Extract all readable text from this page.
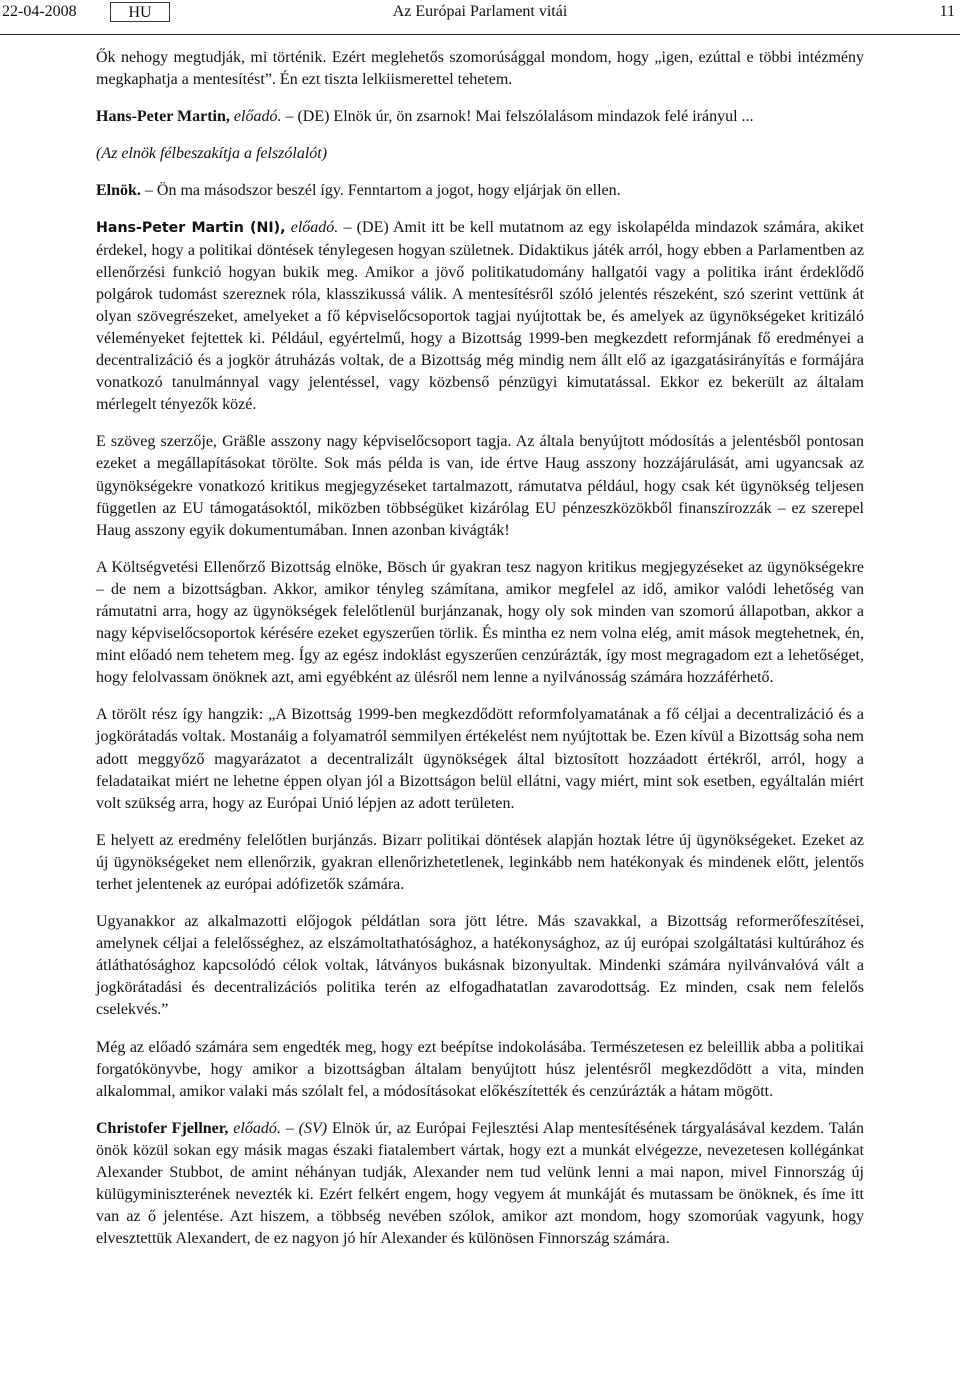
22-04-2008	HU	Az Európai Parlament vitái	11

Ők nehogy megtudják, mi történik. Ezért meglehetős szomorúsággal mondom, hogy „igen, ezúttal e többi intézmény megkaphatja a mentesítést”. Én ezt tiszta lelkiismerettel tehetem.

Hans-Peter Martin, előadó. – (DE) Elnök úr, ön zsarnok! Mai felszólalásom mindazok felé irányul ...

(Az elnök félbeszakítja a felszólalót)

Elnök. – Ön ma másodszor beszél így. Fenntartom a jogot, hogy eljárjak ön ellen.

Hans-Peter Martin (NI), előadó. – (DE) Amit itt be kell mutatnom az egy iskolapélda mindazok számára, akiket érdekel, hogy a politikai döntések ténylegesen hogyan születnek. Didaktikus játék arról, hogy ebben a Parlamentben az ellenőrzési funkció hogyan bukik meg. Amikor a jövő politikatudomány hallgatói vagy a politika iránt érdeklődő polgárok tudomást szereznek róla, klasszikussá válik. A mentesítésről szóló jelentés részeként, szó szerint vettünk át olyan szövegrészeket, amelyeket a fő képviselőcsoportok tagjai nyújtottak be, és amelyek az ügynökségeket kritizáló véleményeket fejtettek ki. Például, egyértelmű, hogy a Bizottság 1999-ben megkezdett reformjának fő eredményei a decentralizáció és a jogkör átruházás voltak, de a Bizottság még mindig nem állt elő az igazgatásirányítás e formájára vonatkozó tanulmánnyal vagy jelentéssel, vagy közbenső pénzügyi kimutatással. Ekkor ez bekerült az általam mérlegelt tényezők közé.

E szöveg szerzője, Gräßle asszony nagy képviselőcsoport tagja. Az általa benyújtott módosítás a jelentésből pontosan ezeket a megállapításokat törölte. Sok más példa is van, ide értve Haug asszony hozzájárulását, ami ugyancsak az ügynökségekre vonatkozó kritikus megjegyzéseket tartalmazott, rámutatva például, hogy csak két ügynökség teljesen független az EU támogatásoktól, miközben többségüket kizárólag EU pénzeszközökből finanszírozzák – ez szerepel Haug asszony egyik dokumentumában. Innen azonban kivágták!

A Költségvetési Ellenőrző Bizottság elnöke, Bösch úr gyakran tesz nagyon kritikus megjegyzéseket az ügynökségekre – de nem a bizottságban. Akkor, amikor tényleg számítana, amikor megfelel az idő, amikor valódi lehetőség van rámutatni arra, hogy az ügynökségek felelőtlenül burjánzanak, hogy oly sok minden van szomorú állapotban, akkor a nagy képviselőcsoportok kérésére ezeket egyszerűen törlik. És mintha ez nem volna elég, amit mások megtehetnek, én, mint előadó nem tehetem meg. Így az egész indoklást egyszerűen cenzúrázták, így most megragadom ezt a lehetőséget, hogy felolvassam önöknek azt, ami egyébként az ülésről nem lenne a nyilvánosság számára hozzáférhető.

A törölt rész így hangzik: „A Bizottság 1999-ben megkezdődött reformfolyamatának a fő céljai a decentralizáció és a jogkörátadás voltak. Mostanáig a folyamatról semmilyen értékelést nem nyújtottak be. Ezen kívül a Bizottság soha nem adott meggyőző magyarázatot a decentralizált ügynökségek által biztosított hozzáadott értékről, arról, hogy a feladataikat miért ne lehetne éppen olyan jól a Bizottságon belül ellátni, vagy miért, mint sok esetben, egyáltalán miért volt szükség arra, hogy az Európai Unió lépjen az adott területen.

E helyett az eredmény felelőtlen burjánzás. Bizarr politikai döntések alapján hoztak létre új ügynökségeket. Ezeket az új ügynökségeket nem ellenőrzik, gyakran ellenőrizhetetlenek, leginkább nem hatékonyak és mindenek előtt, jelentős terhet jelentenek az európai adófizetők számára.

Ugyanakkor az alkalmazotti előjogok példátlan sora jött létre. Más szavakkal, a Bizottság reformerőfeszítései, amelynek céljai a felelősséghez, az elszámoltathatósághoz, a hatékonysághoz, az új európai szolgáltatási kultúrához és átláthatósághoz kapcsolódó célok voltak, látványos bukásnak bizonyultak. Mindenki számára nyilvánvalóvá vált a jogkörátadási és decentralizációs politika terén az elfogadhatatlan zavarodottság. Ez minden, csak nem felelős cselekvés.”

Még az előadó számára sem engedték meg, hogy ezt beépítse indokolásába. Természetesen ez beleillik abba a politikai forgatókönyvbe, hogy amikor a bizottságban általam benyújtott húsz jelentésről megkezdődött a vita, minden alkalommal, amikor valaki más szólalt fel, a módosításokat előkészítették és cenzúrázták a hátam mögött.

Christofer Fjellner, előadó. – (SV) Elnök úr, az Európai Fejlesztési Alap mentesítésének tárgyalásával kezdem. Talán önök közül sokan egy másik magas északi fiatalembert vártak, hogy ezt a munkát elvégezze, nevezetesen kollégánkat Alexander Stubbot, de amint néhányan tudják, Alexander nem tud velünk lenni a mai napon, mivel Finnország új külügyminiszterének nevezték ki. Ezért felkért engem, hogy vegyem át munkáját és mutassam be önöknek, és íme itt van az ő jelentése. Azt hiszem, a többség nevében szólok, amikor azt mondom, hogy szomorúak vagyunk, hogy elvesztettük Alexandert, de ez nagyon jó hír Alexander és különösen Finnország számára.
